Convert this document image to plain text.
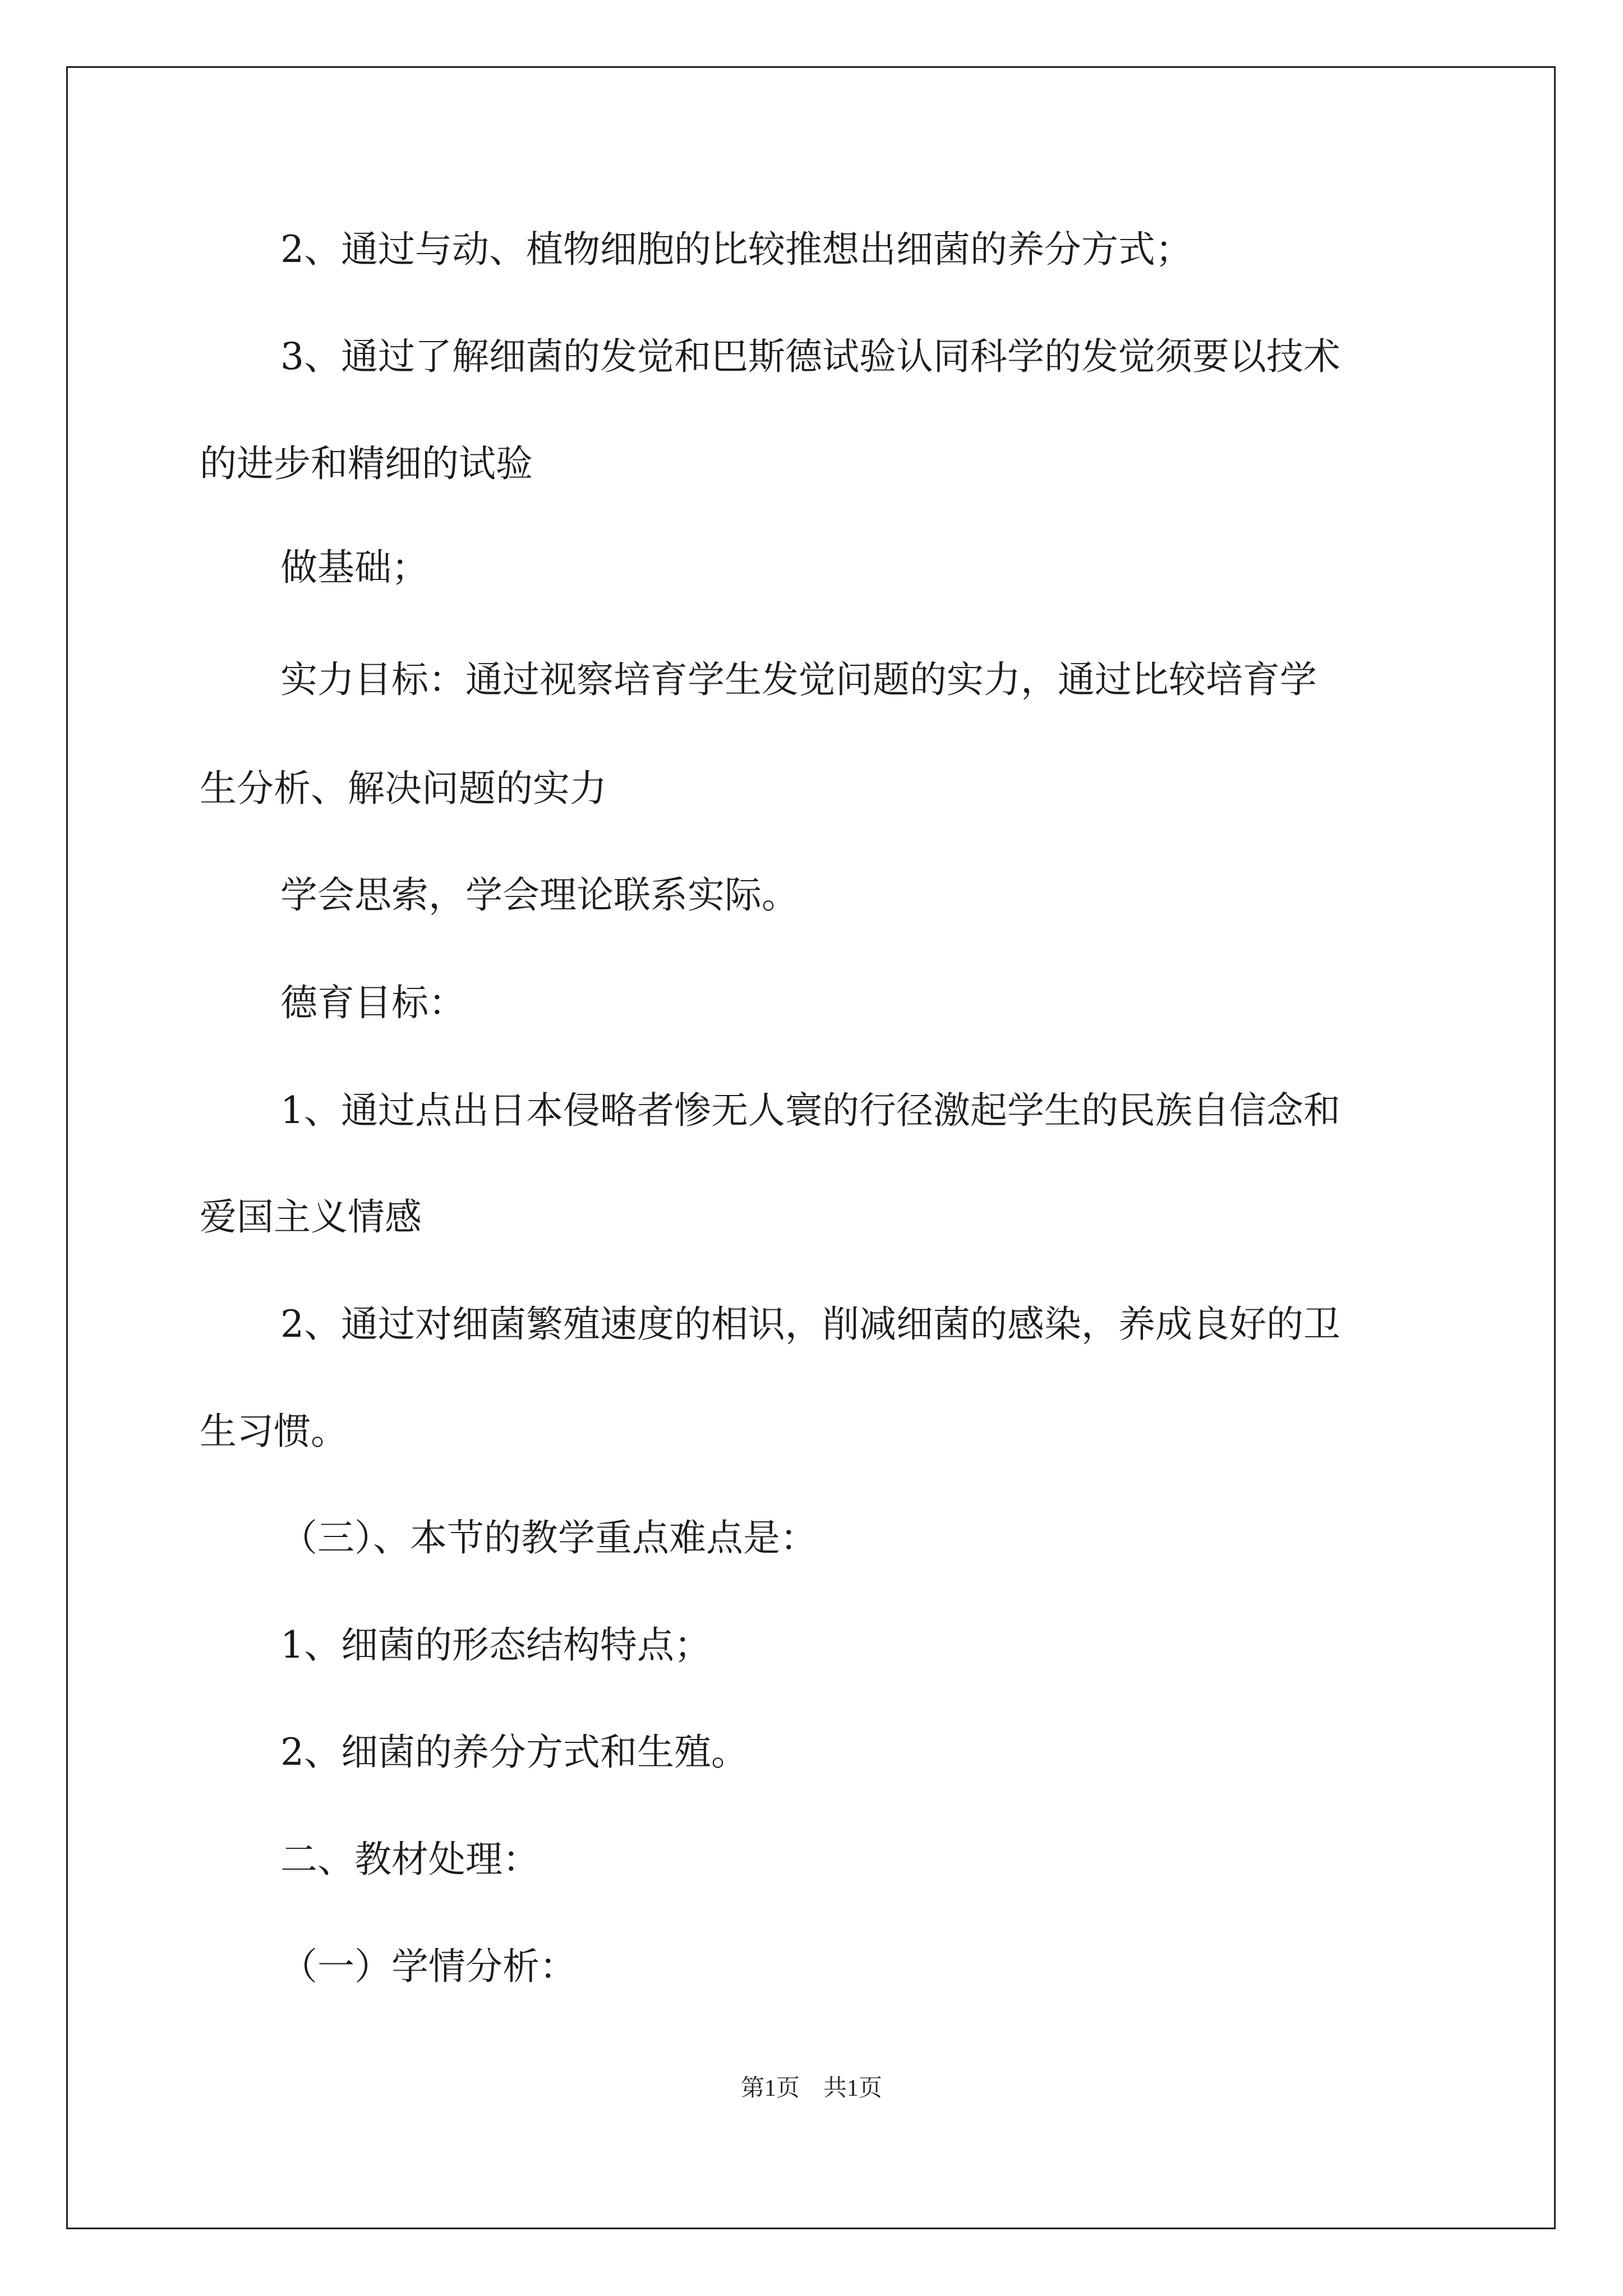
2、通过与动、植物细胞的比较推想出细菌的养分方式；
3、通过了解细菌的发觉和巴斯德试验认同科学的发觉须要以技术
的进步和精细的试验
做基础；
实力目标：通过视察培育学生发觉问题的实力，通过比较培育学
生分析、解决问题的实力
学会思索，学会理论联系实际。
德育目标：
1、通过点出日本侵略者惨无人寰的行径激起学生的民族自信念和
爱国主义情感
2、通过对细菌繁殖速度的相识，削减细菌的感染，养成良好的卫
生习惯。
（三）、本节的教学重点难点是：
1、细菌的形态结构特点；
2、细菌的养分方式和生殖。
二、教材处理：
（一）学情分析：
第1页　共1页
